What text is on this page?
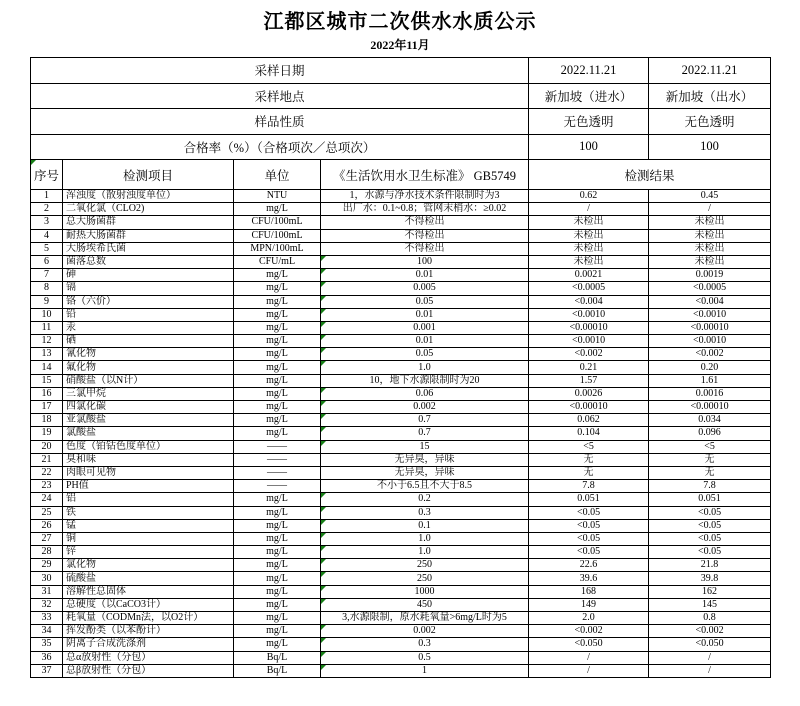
江都区城市二次供水水质公示
2022年11月
采样日期				2022.11.21	2022.11.21
采样地点				新加坡（进水）	新加坡（出水）
样品性质				无色透明	无色透明
合格率（%）（合格项次／总项次）				100	100
序号	检测项目	单位	《生活饮用水卫生标准》 GB5749	检测结果	
1	浑浊度（散射浊度单位）	NTU	1，水源与净水技术条件限制时为3	0.62	0.45
2	二氧化氯（CLO2)	mg/L	出厂水：0.1~0.8；管网末梢水：≥0.02	/	/
3	总大肠菌群	CFU/100mL	不得检出	未检出	未检出
4	耐热大肠菌群	CFU/100mL	不得检出	未检出	未检出
5	大肠埃希氏菌	MPN/100mL	不得检出	未检出	未检出
6	菌落总数	CFU/mL	100	未检出	未检出
7	砷	mg/L	0.01	0.0021	0.0019
8	镉	mg/L	0.005	<0.0005	<0.0005
9	铬（六价）	mg/L	0.05	<0.004	<0.004
10	铅	mg/L	0.01	<0.0010	<0.0010
11	汞	mg/L	0.001	<0.00010	<0.00010
12	硒	mg/L	0.01	<0.0010	<0.0010
13	氰化物	mg/L	0.05	<0.002	<0.002
14	氟化物	mg/L	1.0	0.21	0.20
15	硝酸盐（以N计）	mg/L	10，地下水源限制时为20	1.57	1.61
16	三氯甲烷	mg/L	0.06	0.0026	0.0016
17	四氯化碳	mg/L	0.002	<0.00010	<0.00010
18	亚氯酸盐	mg/L	0.7	0.062	0.034
19	氯酸盐	mg/L	0.7	0.104	0.096
20	色度（铂钴色度单位）	——	15	<5	<5
21	臭和味	——	无异臭，异味	无	无
22	肉眼可见物	——	无异臭，异味	无	无
23	PH值	——	不小于6.5且不大于8.5	7.8	7.8
24	铝	mg/L	0.2	0.051	0.051
25	铁	mg/L	0.3	<0.05	<0.05
26	锰	mg/L	0.1	<0.05	<0.05
27	铜	mg/L	1.0	<0.05	<0.05
28	锌	mg/L	1.0	<0.05	<0.05
29	氯化物	mg/L	250	22.6	21.8
30	硫酸盐	mg/L	250	39.6	39.8
31	溶解性总固体	mg/L	1000	168	162
32	总硬度（以CaCO3计）	mg/L	450	149	145
33	耗氧量（CODMn法，以O2计）	mg/L	3,水源限制，原水耗氧量>6mg/L时为5	2.0	0.8
34	挥发酚类（以苯酚计）	mg/L	0.002	<0.002	<0.002
35	阴离子合成洗涤剂	mg/L	0.3	<0.050	<0.050
36	总α放射性（分包）	Bq/L	0.5	/	/
37	总β放射性（分包）	Bq/L	1	/	/
